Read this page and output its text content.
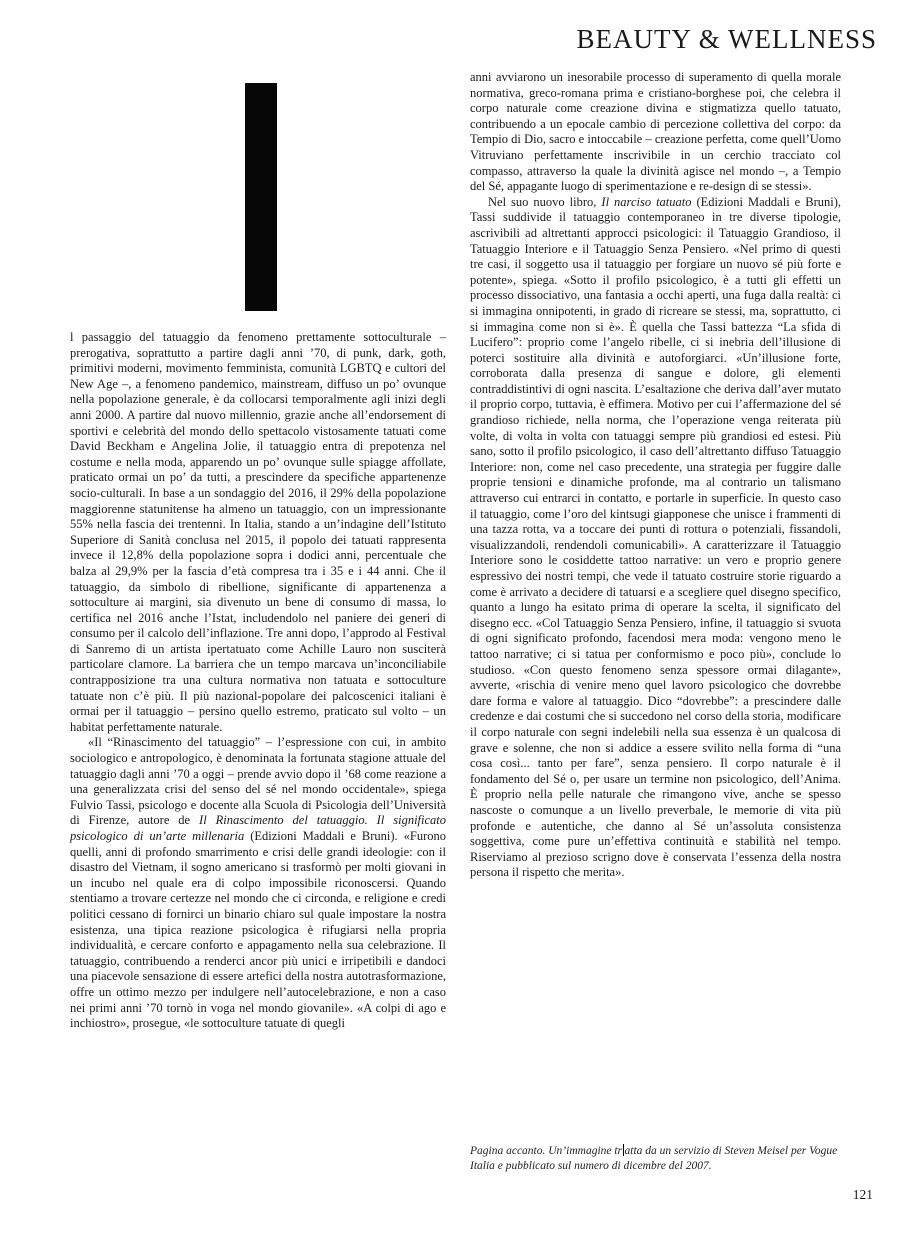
BEAUTY & WELLNESS

l passaggio del tatuaggio da fenomeno prettamente sottoculturale – prerogativa, soprattutto a partire dagli anni ’70, di punk, dark, goth, primitivi moderni, movimento femminista, comunità LGBTQ e cultori del New Age –, a fenomeno pandemico, mainstream, diffuso un po’ ovunque nella popolazione generale, è da collocarsi temporalmente agli inizi degli anni 2000. A partire dal nuovo millennio, grazie anche all’endorsement di sportivi e celebrità del mondo dello spettacolo vistosamente tatuati come David Beckham e Angelina Jolie, il tatuaggio entra di prepotenza nel costume e nella moda, apparendo un po’ ovunque sulle spiagge affollate, praticato ormai un po’ da tutti, a prescindere da specifiche appartenenze socio-culturali. In base a un sondaggio del 2016, il 29% della popolazione maggiorenne statunitense ha almeno un tatuaggio, con un impressionante 55% nella fascia dei trentenni. In Italia, stando a un’indagine dell’Istituto Superiore di Sanità conclusa nel 2015, il popolo dei tatuati rappresenta invece il 12,8% della popolazione sopra i dodici anni, percentuale che balza al 29,9% per la fascia d’età compresa tra i 35 e i 44 anni. Che il tatuaggio, da simbolo di ribellione, significante di appartenenza a sottoculture ai margini, sia divenuto un bene di consumo di massa, lo certifica nel 2016 anche l’Istat, includendolo nel paniere dei generi di consumo per il calcolo dell’inflazione. Tre anni dopo, l’approdo al Festival di Sanremo di un artista ipertatuato come Achille Lauro non susciterà particolare clamore. La barriera che un tempo marcava un’inconciliabile contrapposizione tra una cultura normativa non tatuata e sottoculture tatuate non c’è più. Il più nazional-popolare dei palcoscenici italiani è ormai per il tatuaggio – persino quello estremo, praticato sul volto – un habitat perfettamente naturale.

«Il “Rinascimento del tatuaggio” – l’espressione con cui, in ambito sociologico e antropologico, è denominata la fortunata stagione attuale del tatuaggio dagli anni ’70 a oggi – prende avvio dopo il ’68 come reazione a una generalizzata crisi del senso del sé nel mondo occidentale», spiega Fulvio Tassi, psicologo e docente alla Scuola di Psicologia dell’Università di Firenze, autore de Il Rinascimento del tatuaggio. Il significato psicologico di un’arte millenaria (Edizioni Maddali e Bruni). «Furono quelli, anni di profondo smarrimento e crisi delle grandi ideologie: con il disastro del Vietnam, il sogno americano si trasformò per molti giovani in un incubo nel quale era di colpo impossibile riconoscersi. Quando stentiamo a trovare certezze nel mondo che ci circonda, e religione e credi politici cessano di fornirci un binario chiaro sul quale impostare la nostra esistenza, una tipica reazione psicologica è rifugiarsi nella propria individualità, e cercare conforto e appagamento nella sua celebrazione. Il tatuaggio, contribuendo a renderci ancor più unici e irripetibili e dandoci una piacevole sensazione di essere artefici della nostra autotrasformazione, offre un ottimo mezzo per indulgere nell’autocelebrazione, e non a caso nei primi anni ’70 tornò in voga nel mondo giovanile». «A colpi di ago e inchiostro», prosegue, «le sottoculture tatuate di quegli

anni avviarono un inesorabile processo di superamento di quella morale normativa, greco-romana prima e cristiano-borghese poi, che celebra il corpo naturale come creazione divina e stigmatizza quello tatuato, contribuendo a un epocale cambio di percezione collettiva del corpo: da Tempio di Dio, sacro e intoccabile – creazione perfetta, come quell’Uomo Vitruviano perfettamente inscrivibile in un cerchio tracciato col compasso, attraverso la quale la divinità agisce nel mondo –, a Tempio del Sé, appagante luogo di sperimentazione e re-design di se stessi».

Nel suo nuovo libro, Il narciso tatuato (Edizioni Maddali e Bruni), Tassi suddivide il tatuaggio contemporaneo in tre diverse tipologie, ascrivibili ad altrettanti approcci psicologici: il Tatuaggio Grandioso, il Tatuaggio Interiore e il Tatuaggio Senza Pensiero. «Nel primo di questi tre casi, il soggetto usa il tatuaggio per forgiare un nuovo sé più forte e potente», spiega. «Sotto il profilo psicologico, è a tutti gli effetti un processo dissociativo, una fantasia a occhi aperti, una fuga dalla realtà: ci si immagina onnipotenti, in grado di ricreare se stessi, ma, soprattutto, ci si immagina come non si è». È quella che Tassi battezza “La sfida di Lucifero”: proprio come l’angelo ribelle, ci si inebria dell’illusione di poterci sostituire alla divinità e autoforgiarci. «Un’illusione forte, corroborata dalla presenza di sangue e dolore, gli elementi contraddistintivi di ogni nascita. L’esaltazione che deriva dall’aver mutato il proprio corpo, tuttavia, è effimera. Motivo per cui l’affermazione del sé grandioso richiede, nella norma, che l’operazione venga reiterata più volte, di volta in volta con tatuaggi sempre più grandiosi ed estesi. Più sano, sotto il profilo psicologico, il caso dell’altrettanto diffuso Tatuaggio Interiore: non, come nel caso precedente, una strategia per fuggire dalle proprie tensioni e dinamiche profonde, ma al contrario un talismano attraverso cui entrarci in contatto, e portarle in superficie. In questo caso il tatuaggio, come l’oro del kintsugi giapponese che unisce i frammenti di una tazza rotta, va a toccare dei punti di rottura o potenziali, fissandoli, visualizzandoli, rendendoli comunicabili». A caratterizzare il Tatuaggio Interiore sono le cosiddette tattoo narrative: un vero e proprio genere espressivo dei nostri tempi, che vede il tatuato costruire storie riguardo a come è arrivato a decidere di tatuarsi e a scegliere quel disegno specifico, quanto a lungo ha esitato prima di operare la scelta, il significato del disegno ecc. «Col Tatuaggio Senza Pensiero, infine, il tatuaggio si svuota di ogni significato profondo, facendosi mera moda: vengono meno le tattoo narrative; ci si tatua per conformismo e poco più», conclude lo studioso. «Con questo fenomeno senza spessore ormai dilagante», avverte, «rischia di venire meno quel lavoro psicologico che dovrebbe dare forma e valore al tatuaggio. Dico “dovrebbe”: a prescindere dalle credenze e dai costumi che si succedono nel corso della storia, modificare il corpo naturale con segni indelebili nella sua essenza è un qualcosa di grave e solenne, che non si addice a essere svilito nella forma di “una cosa così... tanto per fare”, senza pensiero. Il corpo naturale è il fondamento del Sé o, per usare un termine non psicologico, dell’Anima. È proprio nella pelle naturale che rimangono vive, anche se spesso nascoste o comunque a un livello preverbale, le memorie di vita più profonde e autentiche, che danno al Sé un’assoluta consistenza soggettiva, come pure un’effettiva continuità e stabilità nel tempo. Riserviamo al prezioso scrigno dove è conservata l’essenza della nostra persona il rispetto che merita».

Pagina accanto. Un’immagine tr atta da un servizio di Steven Meisel per Vogue Italia e pubblicato sul numero di dicembre del 2007.
121
